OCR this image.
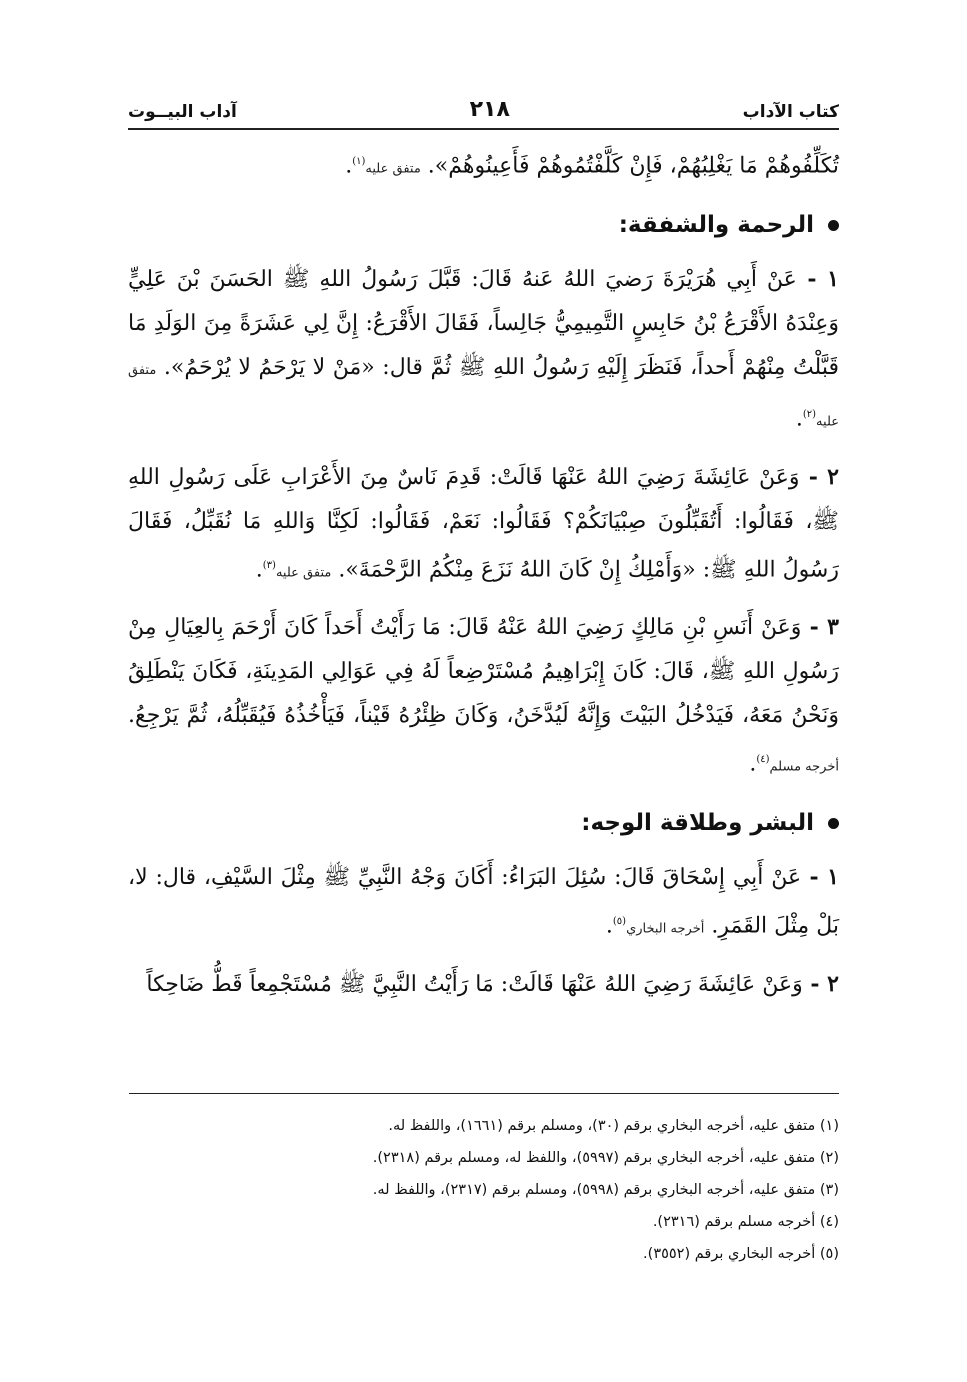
كتاب الآداب
٢١٨
آداب البيــوت

تُكَلِّفُوهُمْ مَا يَغْلِبُهُمْ، فَإِنْ كَلَّفْتُمُوهُمْ فَأَعِينُوهُمْ». متفق عليه$^{(١)}$.

الرحمة والشفقة:

١ - عَنْ أَبِي هُرَيْرَةَ رَضيَ اللهُ عَنهُ قَالَ: قَبَّلَ رَسُولُ اللهِ ﷺ الحَسَنَ بْنَ عَلِيٍّ وَعِنْدَهُ الأَقْرَعُ بْنُ حَابِسٍ التَّمِيمِيُّ جَالِساً، فَقَالَ الأَقْرَعُ: إِنَّ لِي عَشَرَةً مِنَ الوَلَدِ مَا قَبَّلْتُ مِنْهُمْ أَحداً، فَنَظَرَ إِلَيْهِ رَسُولُ اللهِ ﷺ ثُمَّ قال: «مَنْ لا يَرْحَمُ لا يُرْحَمُ». متفق عليه$^{(٢)}$.

٢ - وَعَنْ عَائِشَةَ رَضِيَ اللهُ عَنْهَا قَالَتْ: قَدِمَ نَاسٌ مِنَ الأَعْرَابِ عَلَى رَسُولِ اللهِ ﷺ، فَقَالُوا: أَتُقَبِّلُونَ صِبْيَانَكُمْ؟ فَقَالُوا: نَعَمْ، فَقَالُوا: لَكِنَّا وَاللهِ مَا نُقَبِّلُ، فَقَالَ رَسُولُ اللهِ ﷺ: «وَأَمْلِكُ إِنْ كَانَ اللهُ نَزَعَ مِنْكُمُ الرَّحْمَةَ». متفق عليه$^{(٣)}$.

٣ - وَعَنْ أَنَسِ بْنِ مَالِكٍ رَضِيَ اللهُ عَنْهُ قَالَ: مَا رَأَيْتُ أَحَداً كَانَ أَرْحَمَ بِالعِيَالِ مِنْ رَسُولِ اللهِ ﷺ، قَالَ: كَانَ إِبْرَاهِيمُ مُسْتَرْضِعاً لَهُ فِي عَوَالِي المَدِينَةِ، فَكَانَ يَنْطَلِقُ وَنَحْنُ مَعَهُ، فَيَدْخُلُ البَيْتَ وَإِنَّهُ لَيُدَّخَنُ، وَكَانَ ظِئْرُهُ قَيْناً، فَيَأْخُذُهُ فَيُقَبِّلُهُ، ثُمَّ يَرْجِعُ. أخرجه مسلم$^{(٤)}$.

البشر وطلاقة الوجه:

١ - عَنْ أَبِي إِسْحَاقَ قَالَ: سُئِلَ البَرَاءُ: أَكَانَ وَجْهُ النَّبِيِّ ﷺ مِثْلَ السَّيْفِ، قال: لا، بَلْ مِثْلَ القَمَرِ. أخرجه البخاري$^{(٥)}$.

٢ - وَعَنْ عَائِشَةَ رَضِيَ اللهُ عَنْهَا قَالَتْ: مَا رَأَيْتُ النَّبِيَّ ﷺ مُسْتَجْمِعاً قَطُّ ضَاحِكاً

(١) متفق عليه، أخرجه البخاري برقم (٣٠)، ومسلم برقم (١٦٦١)، واللفظ له.

(٢) متفق عليه، أخرجه البخاري برقم (٥٩٩٧)، واللفظ له، ومسلم برقم (٢٣١٨).

(٣) متفق عليه، أخرجه البخاري برقم (٥٩٩٨)، ومسلم برقم (٢٣١٧)، واللفظ له.

(٤) أخرجه مسلم برقم (٢٣١٦).

(٥) أخرجه البخاري برقم (٣٥٥٢).
